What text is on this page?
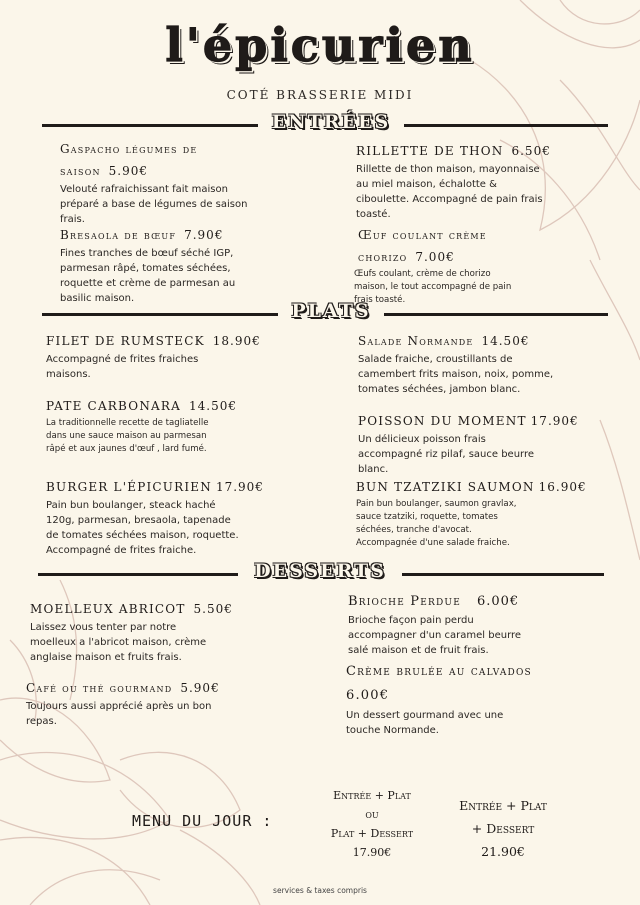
l'épicurien
COTÉ BRASSERIE MIDI
ENTRÉES
Gaspacho légumes de
saison 5.90€
Velouté rafraichissant fait maison
préparé a base de légumes de saison
frais.
Bresaola de bœuf 7.90€
Fines tranches de bœuf séché IGP,
parmesan râpé, tomates séchées,
roquette et crème de parmesan au
basilic maison.
RILLETTE DE THON 6.50€
Rillette de thon maison, mayonnaise
au miel maison, échalotte &
ciboulette. Accompagné de pain frais
toasté.
Œuf coulant crème
chorizo 7.00€
Œufs coulant, crème de chorizo
maison, le tout accompagné de pain
frais toasté.
PLATS
FILET DE RUMSTECK 18.90€
Accompagné de frites fraiches
maisons.
PATE CARBONARA 14.50€
La traditionnelle recette de tagliatelle
dans une sauce maison au parmesan
râpé et aux jaunes d'œuf , lard fumé.
BURGER L'ÉPICURIEN 17.90€
Pain bun boulanger, steack haché
120g, parmesan, bresaola, tapenade
de tomates séchées maison, roquette.
Accompagné de frites fraiche.
Salade Normande 14.50€
Salade fraiche, croustillants de
camembert frits maison, noix, pomme,
tomates séchées, jambon blanc.
POISSON DU MOMENT 17.90€
Un délicieux poisson frais
accompagné riz pilaf, sauce beurre
blanc.
BUN TZATZIKI SAUMON 16.90€
Pain bun boulanger, saumon gravlax,
sauce tzatziki, roquette, tomates
séchées, tranche d'avocat.
Accompagnée d'une salade fraiche.
DESSERTS
MOELLEUX ABRICOT 5.50€
Laissez vous tenter par notre
moelleux a l'abricot maison, crème
anglaise maison et fruits frais.
Café ou thé gourmand 5.90€
Toujours aussi apprécié après un bon
repas.
Brioche Perdue 6.00€
Brioche façon pain perdu
accompagner d'un caramel beurre
salé maison et de fruit frais.
Crème brulée au calvados
6.00€
Un dessert gourmand avec une
touche Normande.
MENU DU JOUR :
Entrée + Plat
ou
Plat + Dessert
17.90€
Entrée + Plat
+ Dessert
21.90€
services & taxes compris
